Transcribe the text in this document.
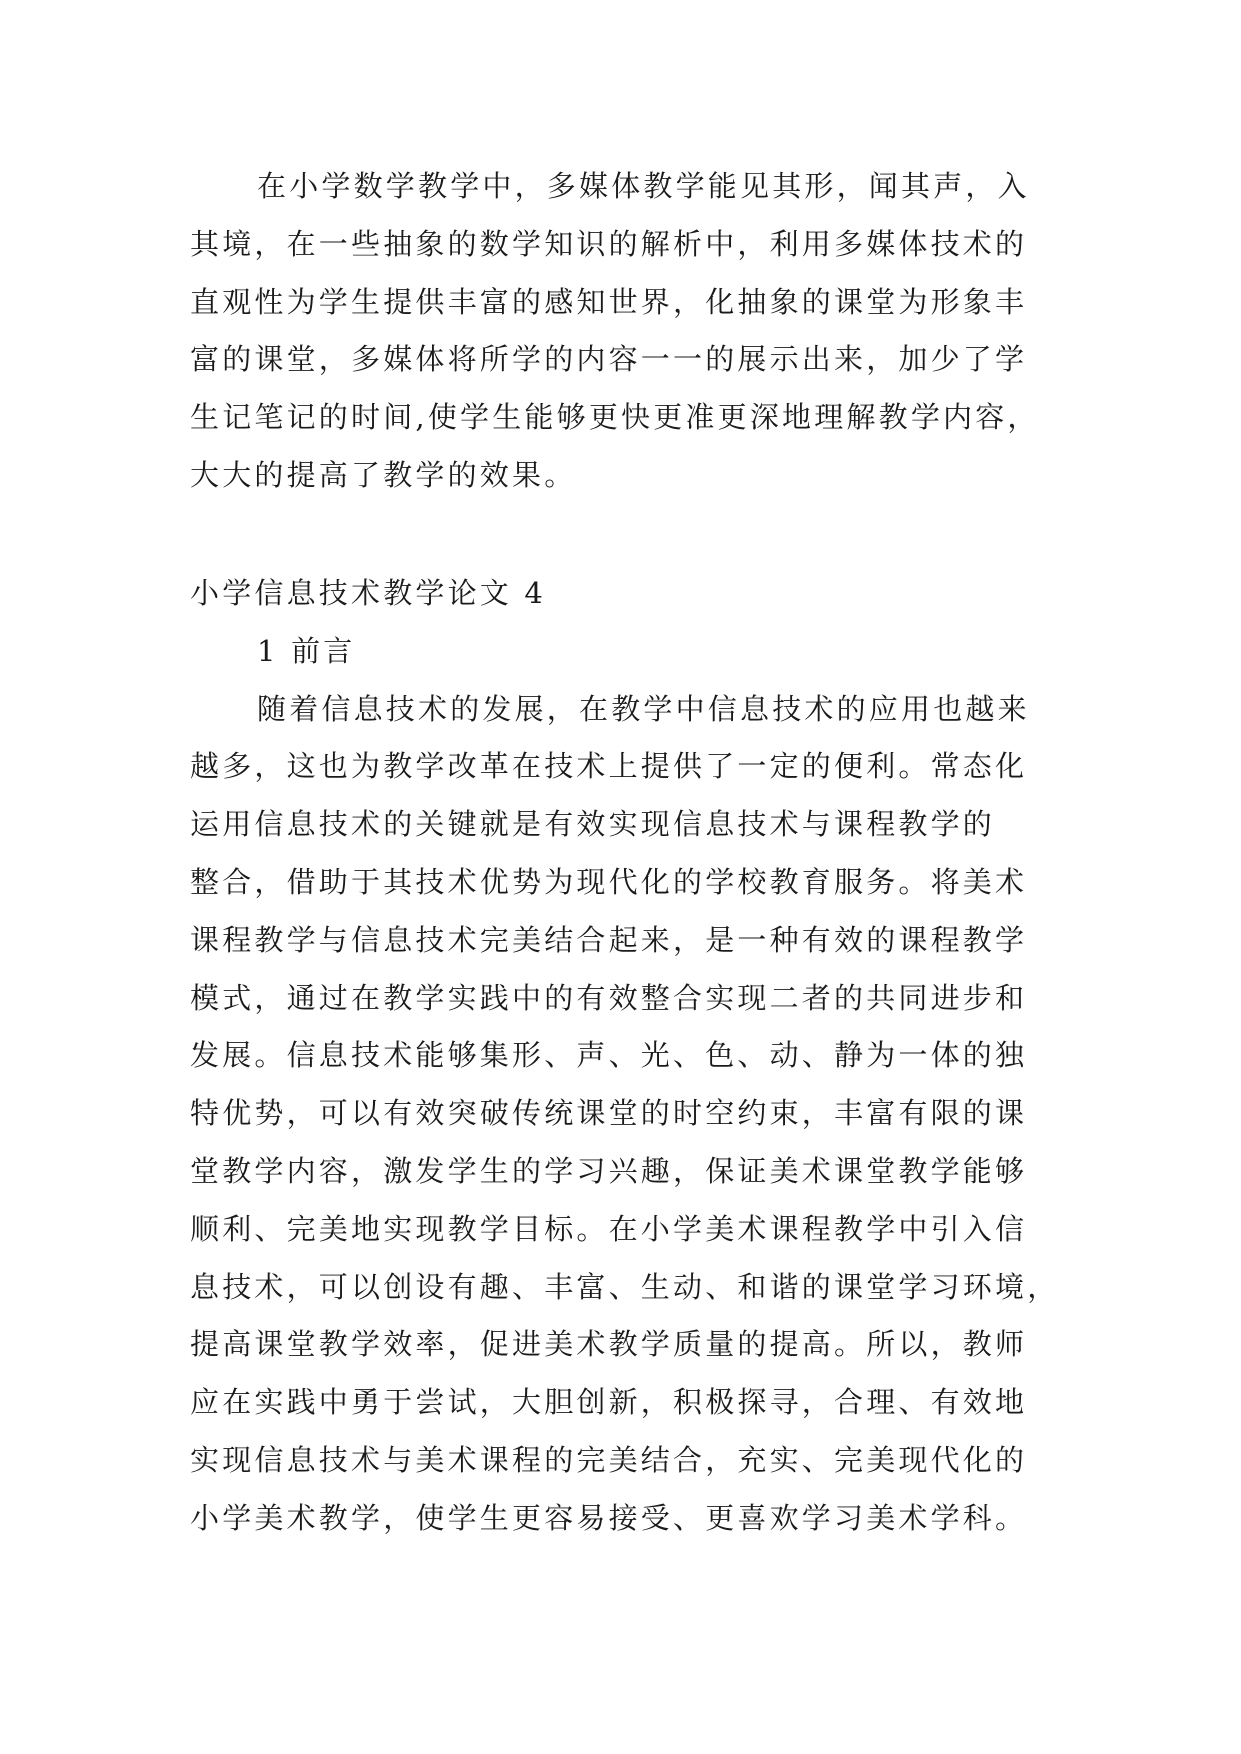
在小学数学教学中，多媒体教学能见其形，闻其声，入
其境，在一些抽象的数学知识的解析中，利用多媒体技术的
直观性为学生提供丰富的感知世界，化抽象的课堂为形象丰
富的课堂，多媒体将所学的内容一一的展示出来，加少了学
生记笔记的时间,使学生能够更快更准更深地理解教学内容，
大大的提高了教学的效果。
小学信息技术教学论文 4
1 前言
随着信息技术的发展，在教学中信息技术的应用也越来
越多，这也为教学改革在技术上提供了一定的便利。常态化
运用信息技术的关键就是有效实现信息技术与课程教学的
整合，借助于其技术优势为现代化的学校教育服务。将美术
课程教学与信息技术完美结合起来，是一种有效的课程教学
模式，通过在教学实践中的有效整合实现二者的共同进步和
发展。信息技术能够集形、声、光、色、动、静为一体的独
特优势，可以有效突破传统课堂的时空约束，丰富有限的课
堂教学内容，激发学生的学习兴趣，保证美术课堂教学能够
顺利、完美地实现教学目标。在小学美术课程教学中引入信
息技术，可以创设有趣、丰富、生动、和谐的课堂学习环境，
提高课堂教学效率，促进美术教学质量的提高。所以，教师
应在实践中勇于尝试，大胆创新，积极探寻，合理、有效地
实现信息技术与美术课程的完美结合，充实、完美现代化的
小学美术教学，使学生更容易接受、更喜欢学习美术学科。
